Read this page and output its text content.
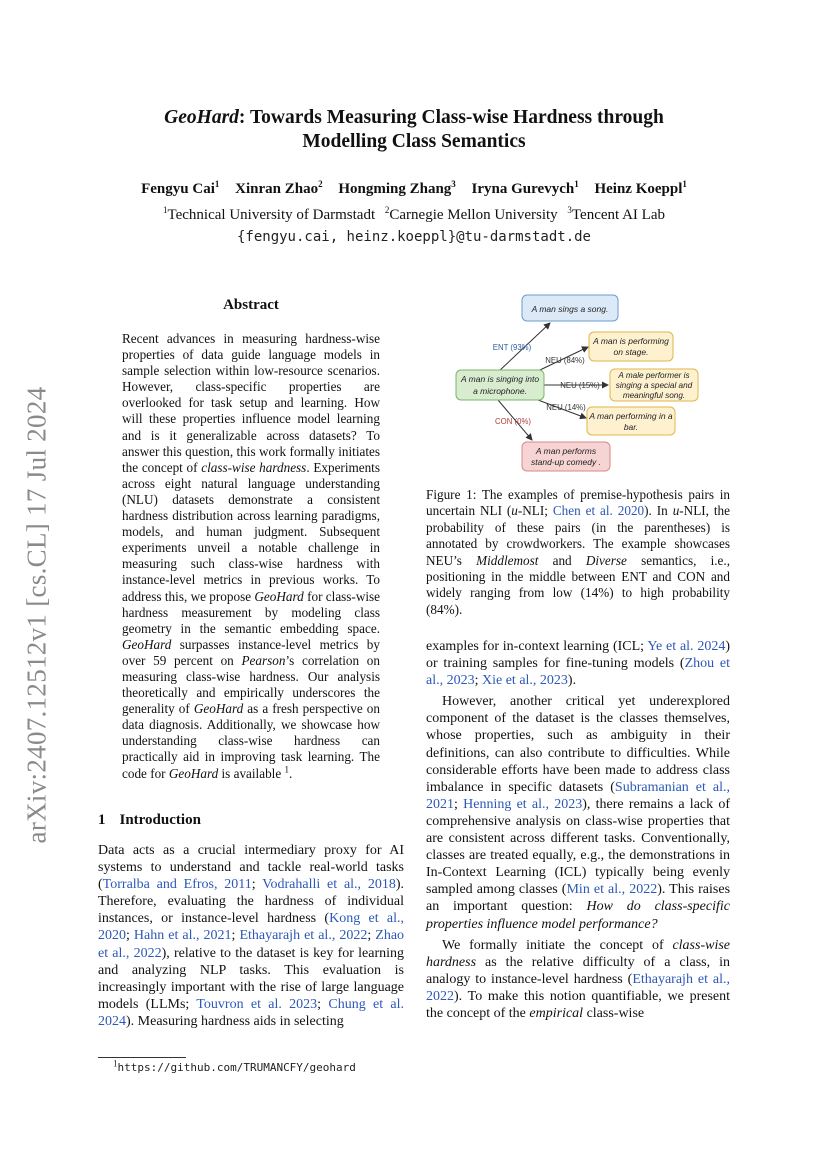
GeoHard: Towards Measuring Class-wise Hardness through
Modelling Class Semantics
Fengyu Cai$^1$ Xinran Zhao$^2$ Hongming Zhang$^3$ Iryna Gurevych$^1$ Heinz Koeppl$^1$
$^1$Technical University of Darmstadt $^2$Carnegie Mellon University $^3$Tencent AI Lab
{fengyu.cai, heinz.koeppl}@tu-darmstadt.de
arXiv:2407.12512v1 [cs.CL] 17 Jul 2024
Abstract
Recent advances in measuring hardness-wise properties of data guide language models in sample selection within low-resource scenarios. However, class-specific properties are overlooked for task setup and learning. How will these properties influence model learning and is it generalizable across datasets? To answer this question, this work formally initiates the concept of class-wise hardness. Experiments across eight natural language understanding (NLU) datasets demonstrate a consistent hardness distribution across learning paradigms, models, and human judgment. Subsequent experiments unveil a notable challenge in measuring such class-wise hardness with instance-level metrics in previous works. To address this, we propose GeoHard for class-wise hardness measurement by modeling class geometry in the semantic embedding space. GeoHard surpasses instance-level metrics by over 59 percent on Pearson’s correlation on measuring class-wise hardness. Our analysis theoretically and empirically underscores the generality of GeoHard as a fresh perspective on data diagnosis. Additionally, we showcase how understanding class-wise hardness can practically aid in improving task learning. The code for GeoHard is available $^1$.
1 Introduction
Data acts as a crucial intermediary proxy for AI systems to understand and tackle real-world tasks (Torralba and Efros, 2011; Vodrahalli et al., 2018). Therefore, evaluating the hardness of individual instances, or instance-level hardness (Kong et al., 2020; Hahn et al., 2021; Ethayarajh et al., 2022; Zhao et al., 2022), relative to the dataset is key for learning and analyzing NLP tasks. This evaluation is increasingly important with the rise of large language models (LLMs; Touvron et al. 2023; Chung et al. 2024). Measuring hardness aids in selecting
$^1$https://github.com/TRUMANCFY/geohard
A man sings a song.
A man is performing
on stage.
A man is singing into
a microphone.
A male performer is
singing a special and
meaningful song.
A man performing in a
bar.
A man performs
stand-up comedy .
ENT (93%)
NEU (84%)
NEU (15%)
NEU (14%)
CON (0%)
Figure 1: The examples of premise-hypothesis pairs in uncertain NLI (u-NLI; Chen et al. 2020). In u-NLI, the probability of these pairs (in the parentheses) is annotated by crowdworkers. The example showcases NEU’s Middlemost and Diverse semantics, i.e., positioning in the middle between ENT and CON and widely ranging from low (14%) to high probability (84%).

examples for in-context learning (ICL; Ye et al. 2024) or training samples for fine-tuning models (Zhou et al., 2023; Xie et al., 2023).

However, another critical yet underexplored component of the dataset is the classes themselves, whose properties, such as ambiguity in their definitions, can also contribute to difficulties. While considerable efforts have been made to address class imbalance in specific datasets (Subramanian et al., 2021; Henning et al., 2023), there remains a lack of comprehensive analysis on class-wise properties that are consistent across different tasks. Conventionally, classes are treated equally, e.g., the demonstrations in In-Context Learning (ICL) typically being evenly sampled among classes (Min et al., 2022). This raises an important question: How do class-specific properties influence model performance?

We formally initiate the concept of class-wise hardness as the relative difficulty of a class, in analogy to instance-level hardness (Ethayarajh et al., 2022). To make this notion quantifiable, we present the concept of the empirical class-wise
